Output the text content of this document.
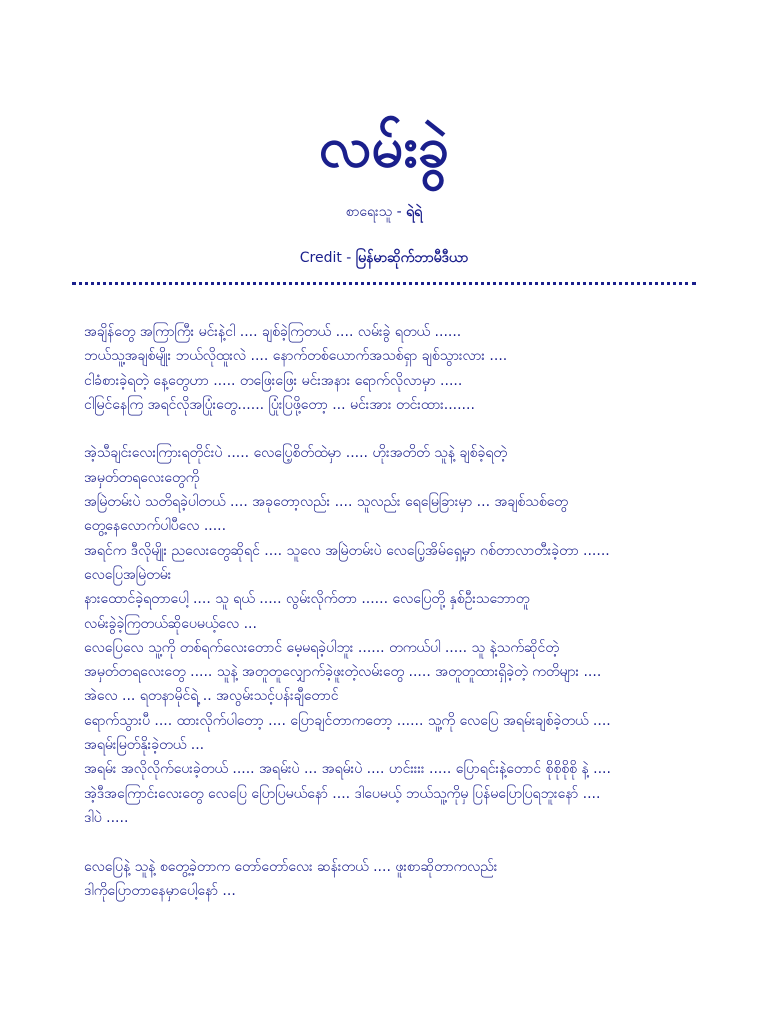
လမ်းခွဲ
စာရေးသူ - ရဲရဲ
Credit - မြန်မာဆိုက်ဘာမီဒီယာ
အချိန်တွေ အကြာကြီး မင်းနဲ့ငါ .... ချစ်ခဲ့ကြတယ် .... လမ်းခွဲ ရတယ် ......
ဘယ်သူ့အချစ်မျိုး ဘယ်လိုထူးလဲ .... နောက်တစ်ယောက်အသစ်ရှာ ချစ်သွားလား ....
ငါခံစားခဲ့ရတဲ့ နေ့တွေဟာ ..... တဖြေးဖြေး မင်းအနား ရောက်လိုလာမှာ .....
ငါမြင်နေကြ အရင်လိုအပြုံးတွေ...... ပြုံးပြဖို့တော့ ... မင်းအား တင်းထား.......
အဲ့သီချင်းလေးကြားရတိုင်းပဲ ..... လေပြေ့စိတ်ထဲမှာ ..... ဟိုးအတိတ် သူနဲ့ ချစ်ခဲ့ရတဲ့
အမှတ်တရလေးတွေကို
အမြဲတမ်းပဲ သတိရခဲ့ပါတယ် .... အခုတော့လည်း .... သူလည်း ရေမြေခြားမှာ ... အချစ်သစ်တွေ
တွေ့နေလောက်ပါပီလေ .....
အရင်က ဒီလိုမျိုး ညလေးတွေဆိုရင် .... သူလေ အမြဲတမ်းပဲ လေပြေ့အိမ်ရှေ့မှာ ဂစ်တာလာတီးခဲ့တာ ......
လေပြေအမြဲတမ်း
နားထောင်ခဲ့ရတာပေါ့ .... သူ ရယ် ..... လွမ်းလိုက်တာ ...... လေပြေတို့ နှစ်ဦးသဘောတူ
လမ်းခွဲခဲ့ကြတယ်ဆိုပေမယ့်လေ ...
လေပြေလေ သူ့ကို တစ်ရက်လေးတောင် မေ့မရခဲ့ပါဘူး ...... တကယ်ပါ ..... သူ နဲ့သက်ဆိုင်တဲ့
အမှတ်တရလေးတွေ ..... သူနဲ့ အတူတူလျှောက်ခဲ့ဖူးတဲ့လမ်းတွေ ..... အတူတူထားရှိခဲ့တဲ့ ကတိများ ....
အဲလေ ... ရတနာမိုင်ရဲ့ .. အလွမ်းသင့်ပန်းချီတောင်
ရောက်သွားပီ .... ထားလိုက်ပါတော့ .... ပြောချင်တာကတော့ ...... သူ့ကို လေပြေ အရမ်းချစ်ခဲ့တယ် ....
အရမ်းမြတ်နိုးခဲ့တယ် ...
အရမ်း အလိုလိုက်ပေးခဲ့တယ် ..... အရမ်းပဲ ... အရမ်းပဲ .... ဟင်းးးး ..... ပြောရင်းနဲ့တောင် စိုစိုစိုစို နဲ့ ....
အဲ့ဒီအကြောင်းလေးတွေ လေပြေ ပြောပြမယ်နော် .... ဒါပေမယ့် ဘယ်သူ့ကိုမှ ပြန်မပြောပြရဘူးနော် ....
ဒါပဲ .....
လေပြေနဲ့ သူနဲ့ စတွေ့ခဲ့တာက တော်တော်လေး ဆန်းတယ် .... ဖူးစာဆိုတာကလည်း
ဒါကိုပြောတာနေမှာပေါ့နော် ...
